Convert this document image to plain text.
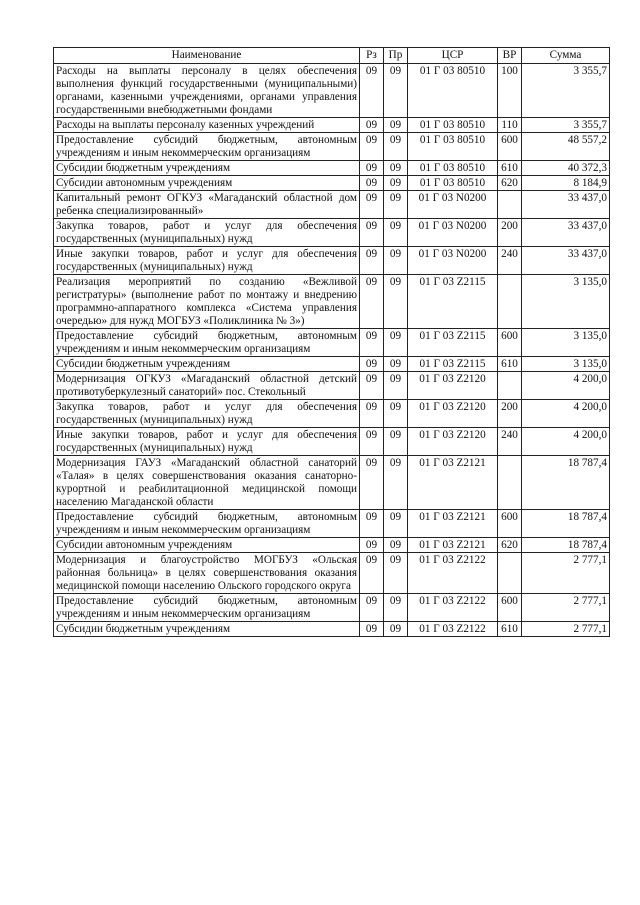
Наименование	Рз	Пр	ЦСР	ВР	Сумма
Расходы на выплаты персоналу в целях обеспечения выполнения функций государственными (муниципальными) органами, казенными учреждениями, органами управления государственными внебюджетными фондами	09	09	01 Г 03 80510	100	3 355,7
Расходы на выплаты персоналу казенных учреждений	09	09	01 Г 03 80510	110	3 355,7
Предоставление субсидий бюджетным, автономным учреждениям и иным некоммерческим организациям	09	09	01 Г 03 80510	600	48 557,2
Субсидии бюджетным учреждениям	09	09	01 Г 03 80510	610	40 372,3
Субсидии автономным учреждениям	09	09	01 Г 03 80510	620	8 184,9
Капитальный ремонт ОГКУЗ «Магаданский областной дом ребенка специализированный»	09	09	01 Г 03 N0200		33 437,0
Закупка товаров, работ и услуг для обеспечения государственных (муниципальных) нужд	09	09	01 Г 03 N0200	200	33 437,0
Иные закупки товаров, работ и услуг для обеспечения государственных (муниципальных) нужд	09	09	01 Г 03 N0200	240	33 437,0
Реализация мероприятий по созданию «Вежливой регистратуры» (выполнение работ по монтажу и внедрению программно-аппаратного комплекса «Система управления очередью» для нужд МОГБУЗ «Поликлиника № 3»)	09	09	01 Г 03 Z2115		3 135,0
Предоставление субсидий бюджетным, автономным учреждениям и иным некоммерческим организациям	09	09	01 Г 03 Z2115	600	3 135,0
Субсидии бюджетным учреждениям	09	09	01 Г 03 Z2115	610	3 135,0
Модернизация ОГКУЗ «Магаданский областной детский противотуберкулезный санаторий» пос. Стекольный	09	09	01 Г 03 Z2120		4 200,0
Закупка товаров, работ и услуг для обеспечения государственных (муниципальных) нужд	09	09	01 Г 03 Z2120	200	4 200,0
Иные закупки товаров, работ и услуг для обеспечения государственных (муниципальных) нужд	09	09	01 Г 03 Z2120	240	4 200,0
Модернизация ГАУЗ «Магаданский областной санаторий «Талая» в целях совершенствования оказания санаторно-курортной и реабилитационной медицинской помощи населению Магаданской области	09	09	01 Г 03 Z2121		18 787,4
Предоставление субсидий бюджетным, автономным учреждениям и иным некоммерческим организациям	09	09	01 Г 03 Z2121	600	18 787,4
Субсидии автономным учреждениям	09	09	01 Г 03 Z2121	620	18 787,4
Модернизация и благоустройство МОГБУЗ «Ольская районная больница» в целях совершенствования оказания медицинской помощи населению Ольского городского округа	09	09	01 Г 03 Z2122		2 777,1
Предоставление субсидий бюджетным, автономным учреждениям и иным некоммерческим организациям	09	09	01 Г 03 Z2122	600	2 777,1
Субсидии бюджетным учреждениям	09	09	01 Г 03 Z2122	610	2 777,1
